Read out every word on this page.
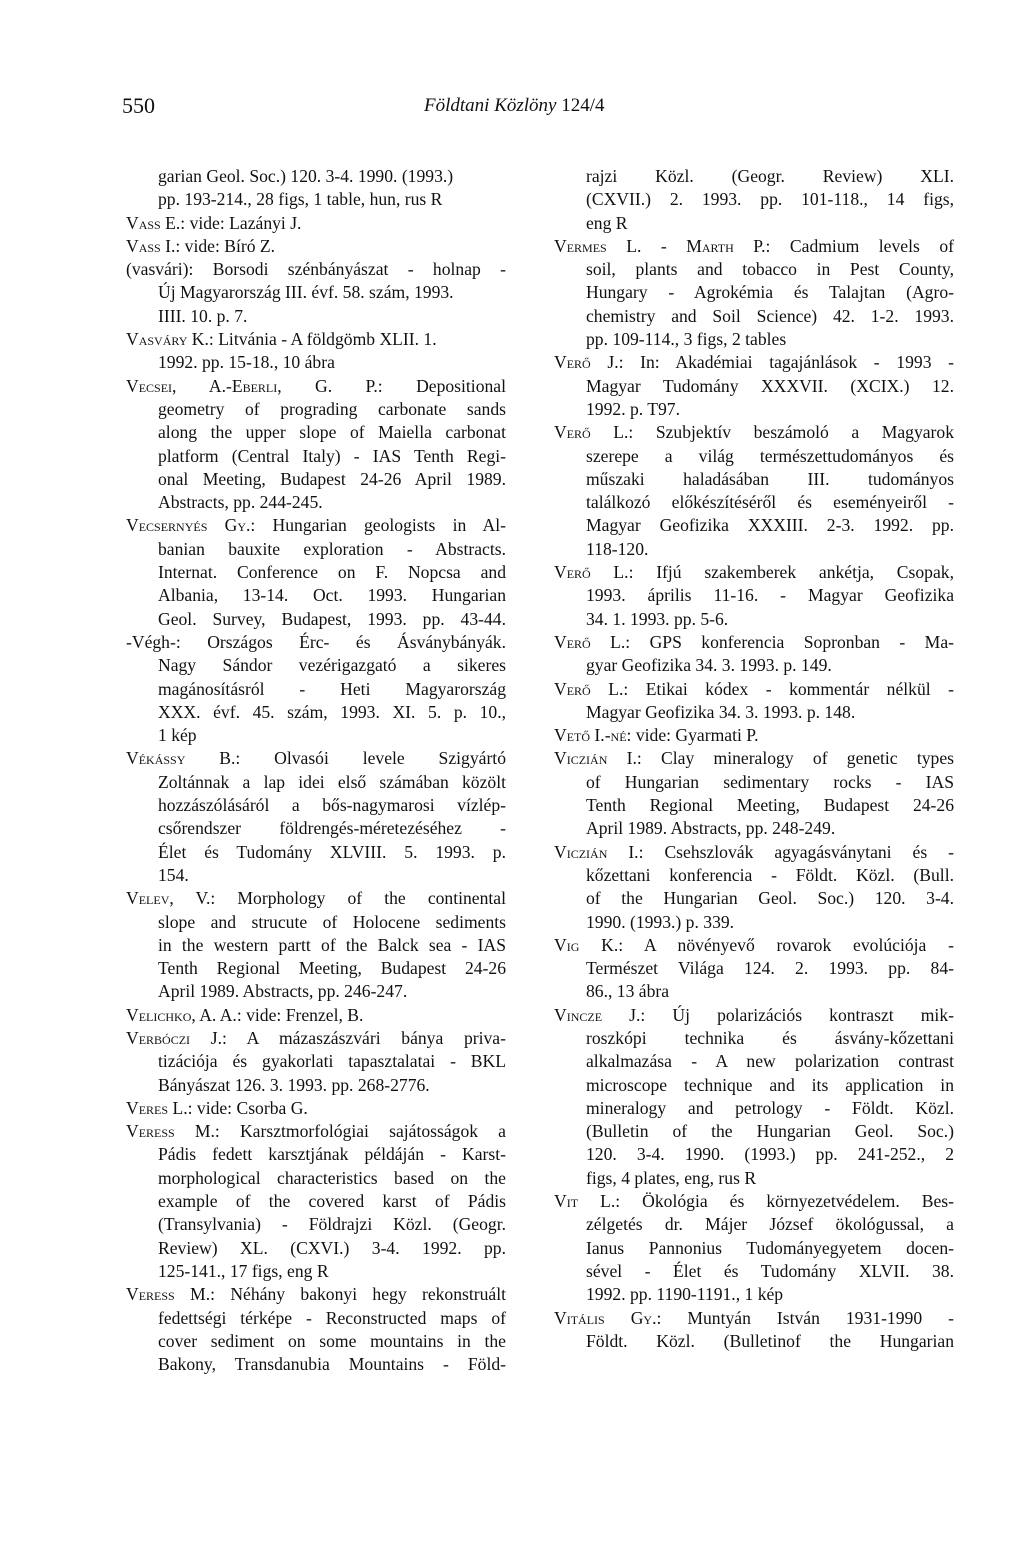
550	Földtani Közlöny 124/4
garian Geol. Soc.) 120. 3-4. 1990. (1993.)
pp. 193-214., 28 figs, 1 table, hun, rus R
Vass E.: vide: Lazányi J.
Vass I.: vide: Bíró Z.
(vasvári): Borsodi szénbányászat - holnap -
Új Magyarország III. évf. 58. szám, 1993.
IIII. 10. p. 7.
Vasváry K.: Litvánia - A földgömb XLII. 1.
1992. pp. 15-18., 10 ábra
Vecsei, A.-Eberli, G. P.: Depositional
geometry of prograding carbonate sands
along the upper slope of Maiella carbonat
platform (Central Italy) - IAS Tenth Regi-
onal Meeting, Budapest 24-26 April 1989.
Abstracts, pp. 244-245.
Vecsernyés Gy.: Hungarian geologists in Al-
banian bauxite exploration - Abstracts.
Internat. Conference on F. Nopcsa and
Albania, 13-14. Oct. 1993. Hungarian
Geol. Survey, Budapest, 1993. pp. 43-44.
-Végh-: Országos Érc- és Ásványbányák.
Nagy Sándor vezérigazgató a sikeres
magánosításról - Heti Magyarország
XXX. évf. 45. szám, 1993. XI. 5. p. 10.,
1 kép
Vékássy B.: Olvasói levele Szigyártó
Zoltánnak a lap idei első számában közölt
hozzászólásáról a bős-nagymarosi vízlép-
csőrendszer földrengés-méretezéséhez -
Élet és Tudomány XLVIII. 5. 1993. p.
154.
Velev, V.: Morphology of the continental
slope and strucute of Holocene sediments
in the western partt of the Balck sea - IAS
Tenth Regional Meeting, Budapest 24-26
April 1989. Abstracts, pp. 246-247.
Velichko, A. A.: vide: Frenzel, B.
Verbóczi J.: A mázaszászvári bánya priva-
tizációja és gyakorlati tapasztalatai - BKL
Bányászat 126. 3. 1993. pp. 268-2776.
Veres L.: vide: Csorba G.
Veress M.: Karsztmorfológiai sajátosságok a
Pádis fedett karsztjának példáján - Karst-
morphological characteristics based on the
example of the covered karst of Pádis
(Transylvania) - Földrajzi Közl. (Geogr.
Review) XL. (CXVI.) 3-4. 1992. pp.
125-141., 17 figs, eng R
Veress M.: Néhány bakonyi hegy rekonstruált
fedettségi térképe - Reconstructed maps of
cover sediment on some mountains in the
Bakony, Transdanubia Mountains - Föld-
rajzi Közl. (Geogr. Review) XLI.
(CXVII.) 2. 1993. pp. 101-118., 14 figs,
eng R
Vermes L. - Marth P.: Cadmium levels of
soil, plants and tobacco in Pest County,
Hungary - Agrokémia és Talajtan (Agro-
chemistry and Soil Science) 42. 1-2. 1993.
pp. 109-114., 3 figs, 2 tables
Verő J.: In: Akadémiai tagajánlások - 1993 -
Magyar Tudomány XXXVII. (XCIX.) 12.
1992. p. T97.
Verő L.: Szubjektív beszámoló a Magyarok
szerepe a világ természettudományos és
műszaki haladásában III. tudományos
találkozó előkészítéséről és eseményeiről -
Magyar Geofizika XXXIII. 2-3. 1992. pp.
118-120.
Verő L.: Ifjú szakemberek ankétja, Csopak,
1993. április 11-16. - Magyar Geofizika
34. 1. 1993. pp. 5-6.
Verő L.: GPS konferencia Sopronban - Ma-
gyar Geofizika 34. 3. 1993. p. 149.
Verő L.: Etikai kódex - kommentár nélkül -
Magyar Geofizika 34. 3. 1993. p. 148.
Vető I.-né: vide: Gyarmati P.
Viczián I.: Clay mineralogy of genetic types
of Hungarian sedimentary rocks - IAS
Tenth Regional Meeting, Budapest 24-26
April 1989. Abstracts, pp. 248-249.
Viczián I.: Csehszlovák agyagásványtani és -
kőzettani konferencia - Földt. Közl. (Bull.
of the Hungarian Geol. Soc.) 120. 3-4.
1990. (1993.) p. 339.
Vig K.: A növényevő rovarok evolúciója -
Természet Világa 124. 2. 1993. pp. 84-
86., 13 ábra
Vincze J.: Új polarizációs kontraszt mik-
roszkópi technika és ásvány-kőzettani
alkalmazása - A new polarization contrast
microscope technique and its application in
mineralogy and petrology - Földt. Közl.
(Bulletin of the Hungarian Geol. Soc.)
120. 3-4. 1990. (1993.) pp. 241-252., 2
figs, 4 plates, eng, rus R
Vit L.: Ökológia és környezetvédelem. Bes-
zélgetés dr. Májer József ökológussal, a
Ianus Pannonius Tudományegyetem docen-
sével - Élet és Tudomány XLVII. 38.
1992. pp. 1190-1191., 1 kép
Vitális Gy.: Muntyán István 1931-1990 -
Földt. Közl. (Bulletinof the Hungarian
